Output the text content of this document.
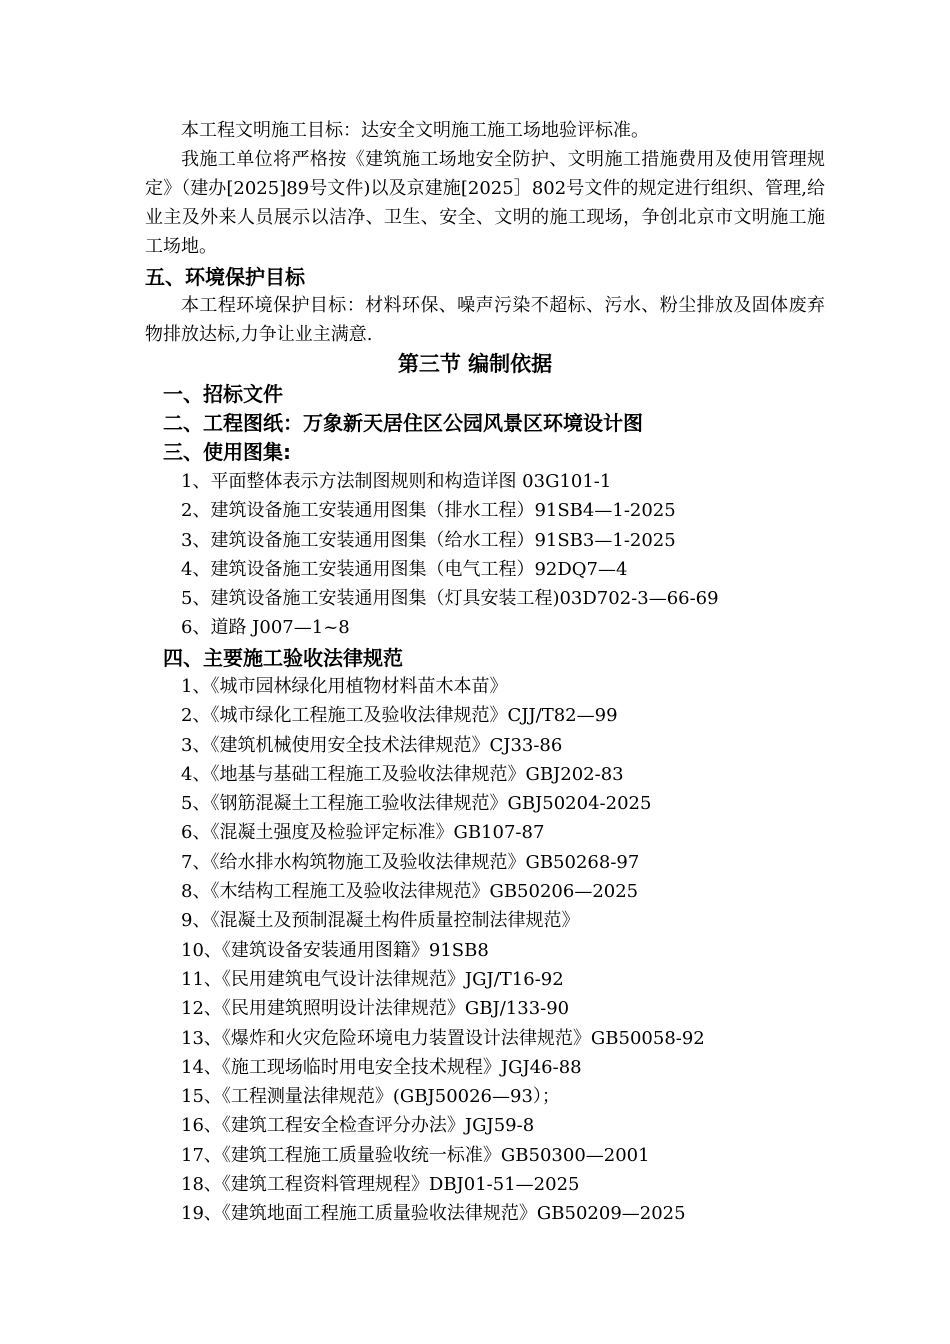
本工程文明施工目标：达安全文明施工施工场地验评标准。

我施工单位将严格按《建筑施工场地安全防护、文明施工措施费用及使用管理规定》（建办[2025]89号文件)以及京建施[2025］802号文件的规定进行组织、管理,给业主及外来人员展示以洁净、卫生、安全、文明的施工现场，争创北京市文明施工施工场地。

五、环境保护目标

本工程环境保护目标：材料环保、噪声污染不超标、污水、粉尘排放及固体废弃物排放达标,力争让业主满意.

第三节 编制依据
一、招标文件
二、工程图纸：万象新天居住区公园风景区环境设计图
三、使用图集:
1、平面整体表示方法制图规则和构造详图 03G101-1
2、建筑设备施工安装通用图集（排水工程）91SB4—1-2025
3、建筑设备施工安装通用图集（给水工程）91SB3—1-2025
4、建筑设备施工安装通用图集（电气工程）92DQ7—4
5、建筑设备施工安装通用图集（灯具安装工程)03D702-3—66-69
6、道路 J007—1~8
四、主要施工验收法律规范
1、《城市园林绿化用植物材料苗木本苗》
2、《城市绿化工程施工及验收法律规范》CJJ/T82—99
3、《建筑机械使用安全技术法律规范》CJ33-86
4、《地基与基础工程施工及验收法律规范》GBJ202-83
5、《钢筋混凝土工程施工验收法律规范》GBJ50204-2025
6、《混凝土强度及检验评定标准》GB107-87
7、《给水排水构筑物施工及验收法律规范》GB50268-97
8、《木结构工程施工及验收法律规范》GB50206—2025
9、《混凝土及预制混凝土构件质量控制法律规范》
10、《建筑设备安装通用图籍》91SB8
11、《民用建筑电气设计法律规范》JGJ/T16-92
12、《民用建筑照明设计法律规范》GBJ/133-90
13、《爆炸和火灾危险环境电力装置设计法律规范》GB50058-92
14、《施工现场临时用电安全技术规程》JGJ46-88
15、《工程测量法律规范》(GBJ50026—93）；
16、《建筑工程安全检查评分办法》JGJ59-8
17、《建筑工程施工质量验收统一标准》GB50300—2001
18、《建筑工程资料管理规程》DBJ01-51—2025
19、《建筑地面工程施工质量验收法律规范》GB50209—2025
